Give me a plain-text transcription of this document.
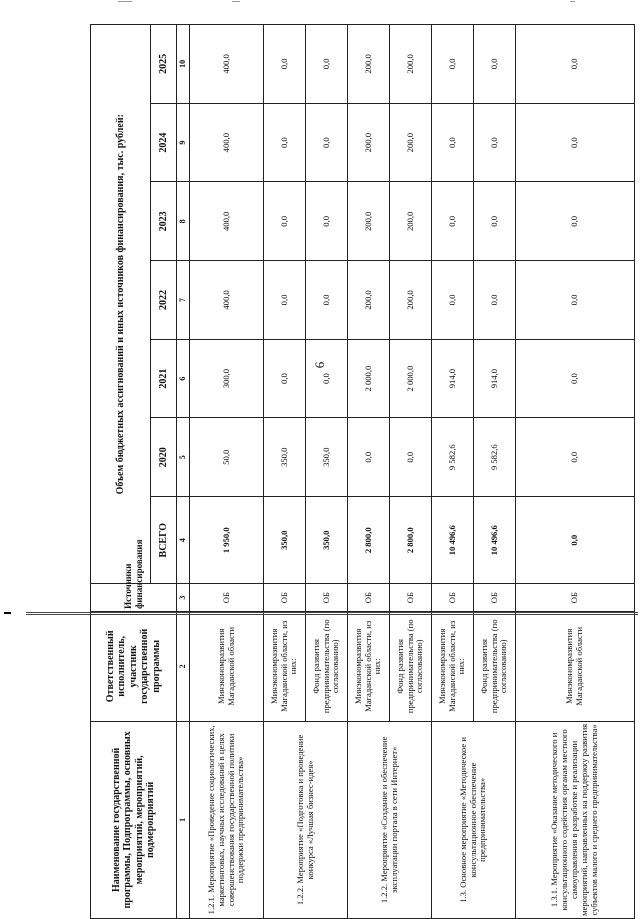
6
Наименование государственной программы, Подпрограммы, основных мероприятий, мероприятий, подмероприятий	Ответственный исполнитель, участник государственной программы	Источники финансирования	Объем бюджетных ассигнований и иных источников финансирования, тыс. рублей:						
			ВСЕГО	2020	2021	2022	2023	2024	2025
1	2	3	4	5	6	7	8	9	10
1.2.1. Мероприятие «Проведение социологических, маркетинговых, научных исследований в целях совершенствования государственной политики поддержки предпринимательства»	Минэкономразвития Магаданской области	ОБ	1 950,0	50,0	300,0	400,0	400,0	400,0	400,0
1.2.2. Мероприятие «Подготовка и проведение конкурса «Лучшая бизнес-идея»	Минэкономразвития Магаданской области, из них:	ОБ	350,0	350,0	0,0	0,0	0,0	0,0	0,0
	Фонд развития предпринимательства (по согласованию)	ОБ	350,0	350,0	0,0	0,0	0,0	0,0	0,0
1.2.2. Мероприятие «Создание и обеспечение эксплуатации портала в сети Интернет»	Минэкономразвития Магаданской области, из них:	ОБ	2 800,0	0,0	2 000,0	200,0	200,0	200,0	200,0
	Фонд развития предпринимательства (по согласованию)	ОБ	2 800,0	0,0	2 000,0	200,0	200,0	200,0	200,0
1.3. Основное мероприятие «Методическое и консультационное обеспечение предпринимательства»	Минэкономразвития Магаданской области, из них:	ОБ	10 496,6	9 582,6	914,0	0,0	0,0	0,0	0,0
	Фонд развития предпринимательства (по согласованию)	ОБ	10 496,6	9 582,6	914,0	0,0	0,0	0,0	0,0
1.3.1. Мероприятие «Оказание методического и консультационного содействия органам местного самоуправления в разработке и реализации мероприятий, направленных на поддержку развития субъектов малого и среднего предпринимательства»	Минэкономразвития Магаданской области	ОБ	0,0	0,0	0,0	0,0	0,0	0,0	0,0
